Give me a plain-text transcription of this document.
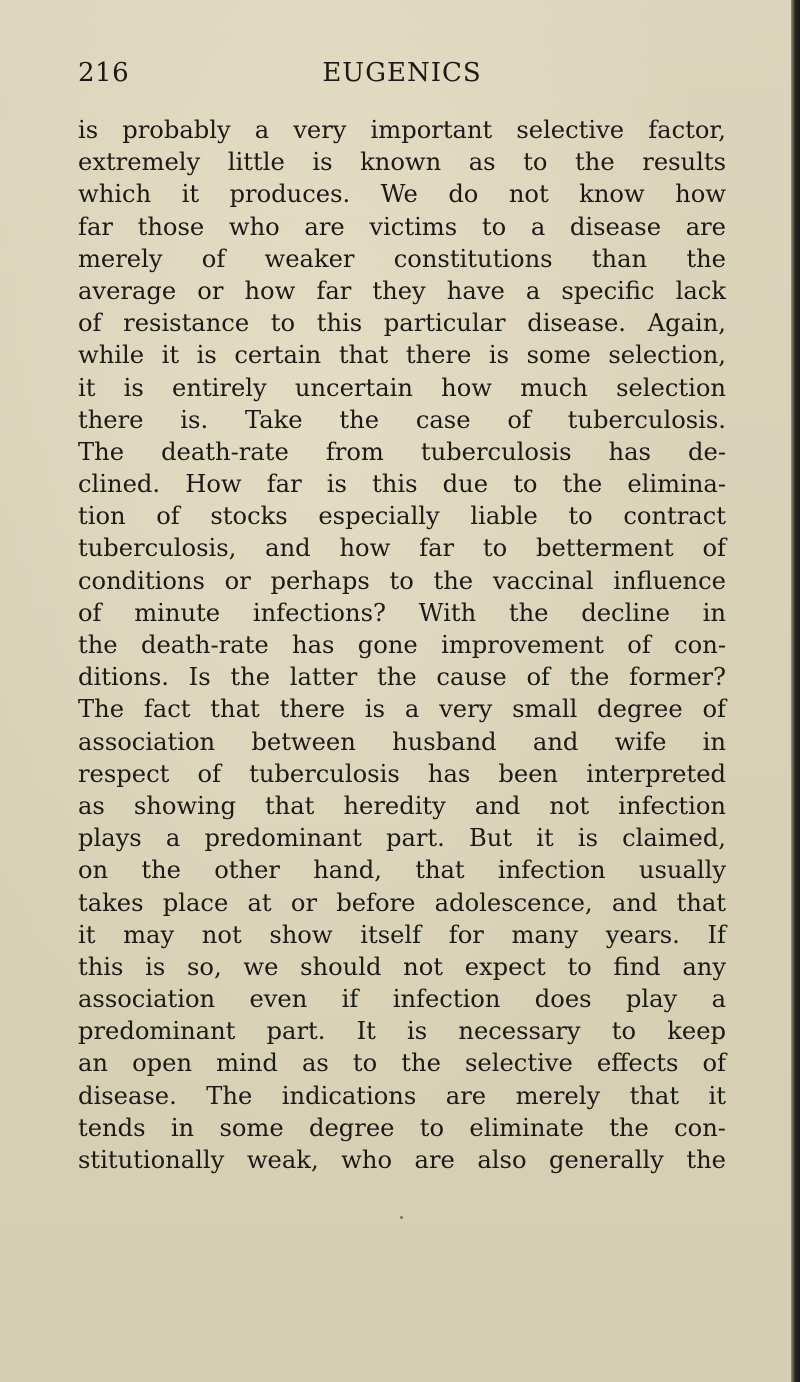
216	EUGENICS
is probably a very important selective factor,
extremely little is known as to the results
which it produces. We do not know how
far those who are victims to a disease are
merely of weaker constitutions than the
average or how far they have a specific lack
of resistance to this particular disease. Again,
while it is certain that there is some selection,
it is entirely uncertain how much selection
there is. Take the case of tuberculosis.
The death-rate from tuberculosis has de-
clined. How far is this due to the elimina-
tion of stocks especially liable to contract
tuberculosis, and how far to betterment of
conditions or perhaps to the vaccinal influence
of minute infections? With the decline in
the death-rate has gone improvement of con-
ditions. Is the latter the cause of the former?
The fact that there is a very small degree of
association between husband and wife in
respect of tuberculosis has been interpreted
as showing that heredity and not infection
plays a predominant part. But it is claimed,
on the other hand, that infection usually
takes place at or before adolescence, and that
it may not show itself for many years. If
this is so, we should not expect to find any
association even if infection does play a
predominant part. It is necessary to keep
an open mind as to the selective effects of
disease. The indications are merely that it
tends in some degree to eliminate the con-
stitutionally weak, who are also generally the
